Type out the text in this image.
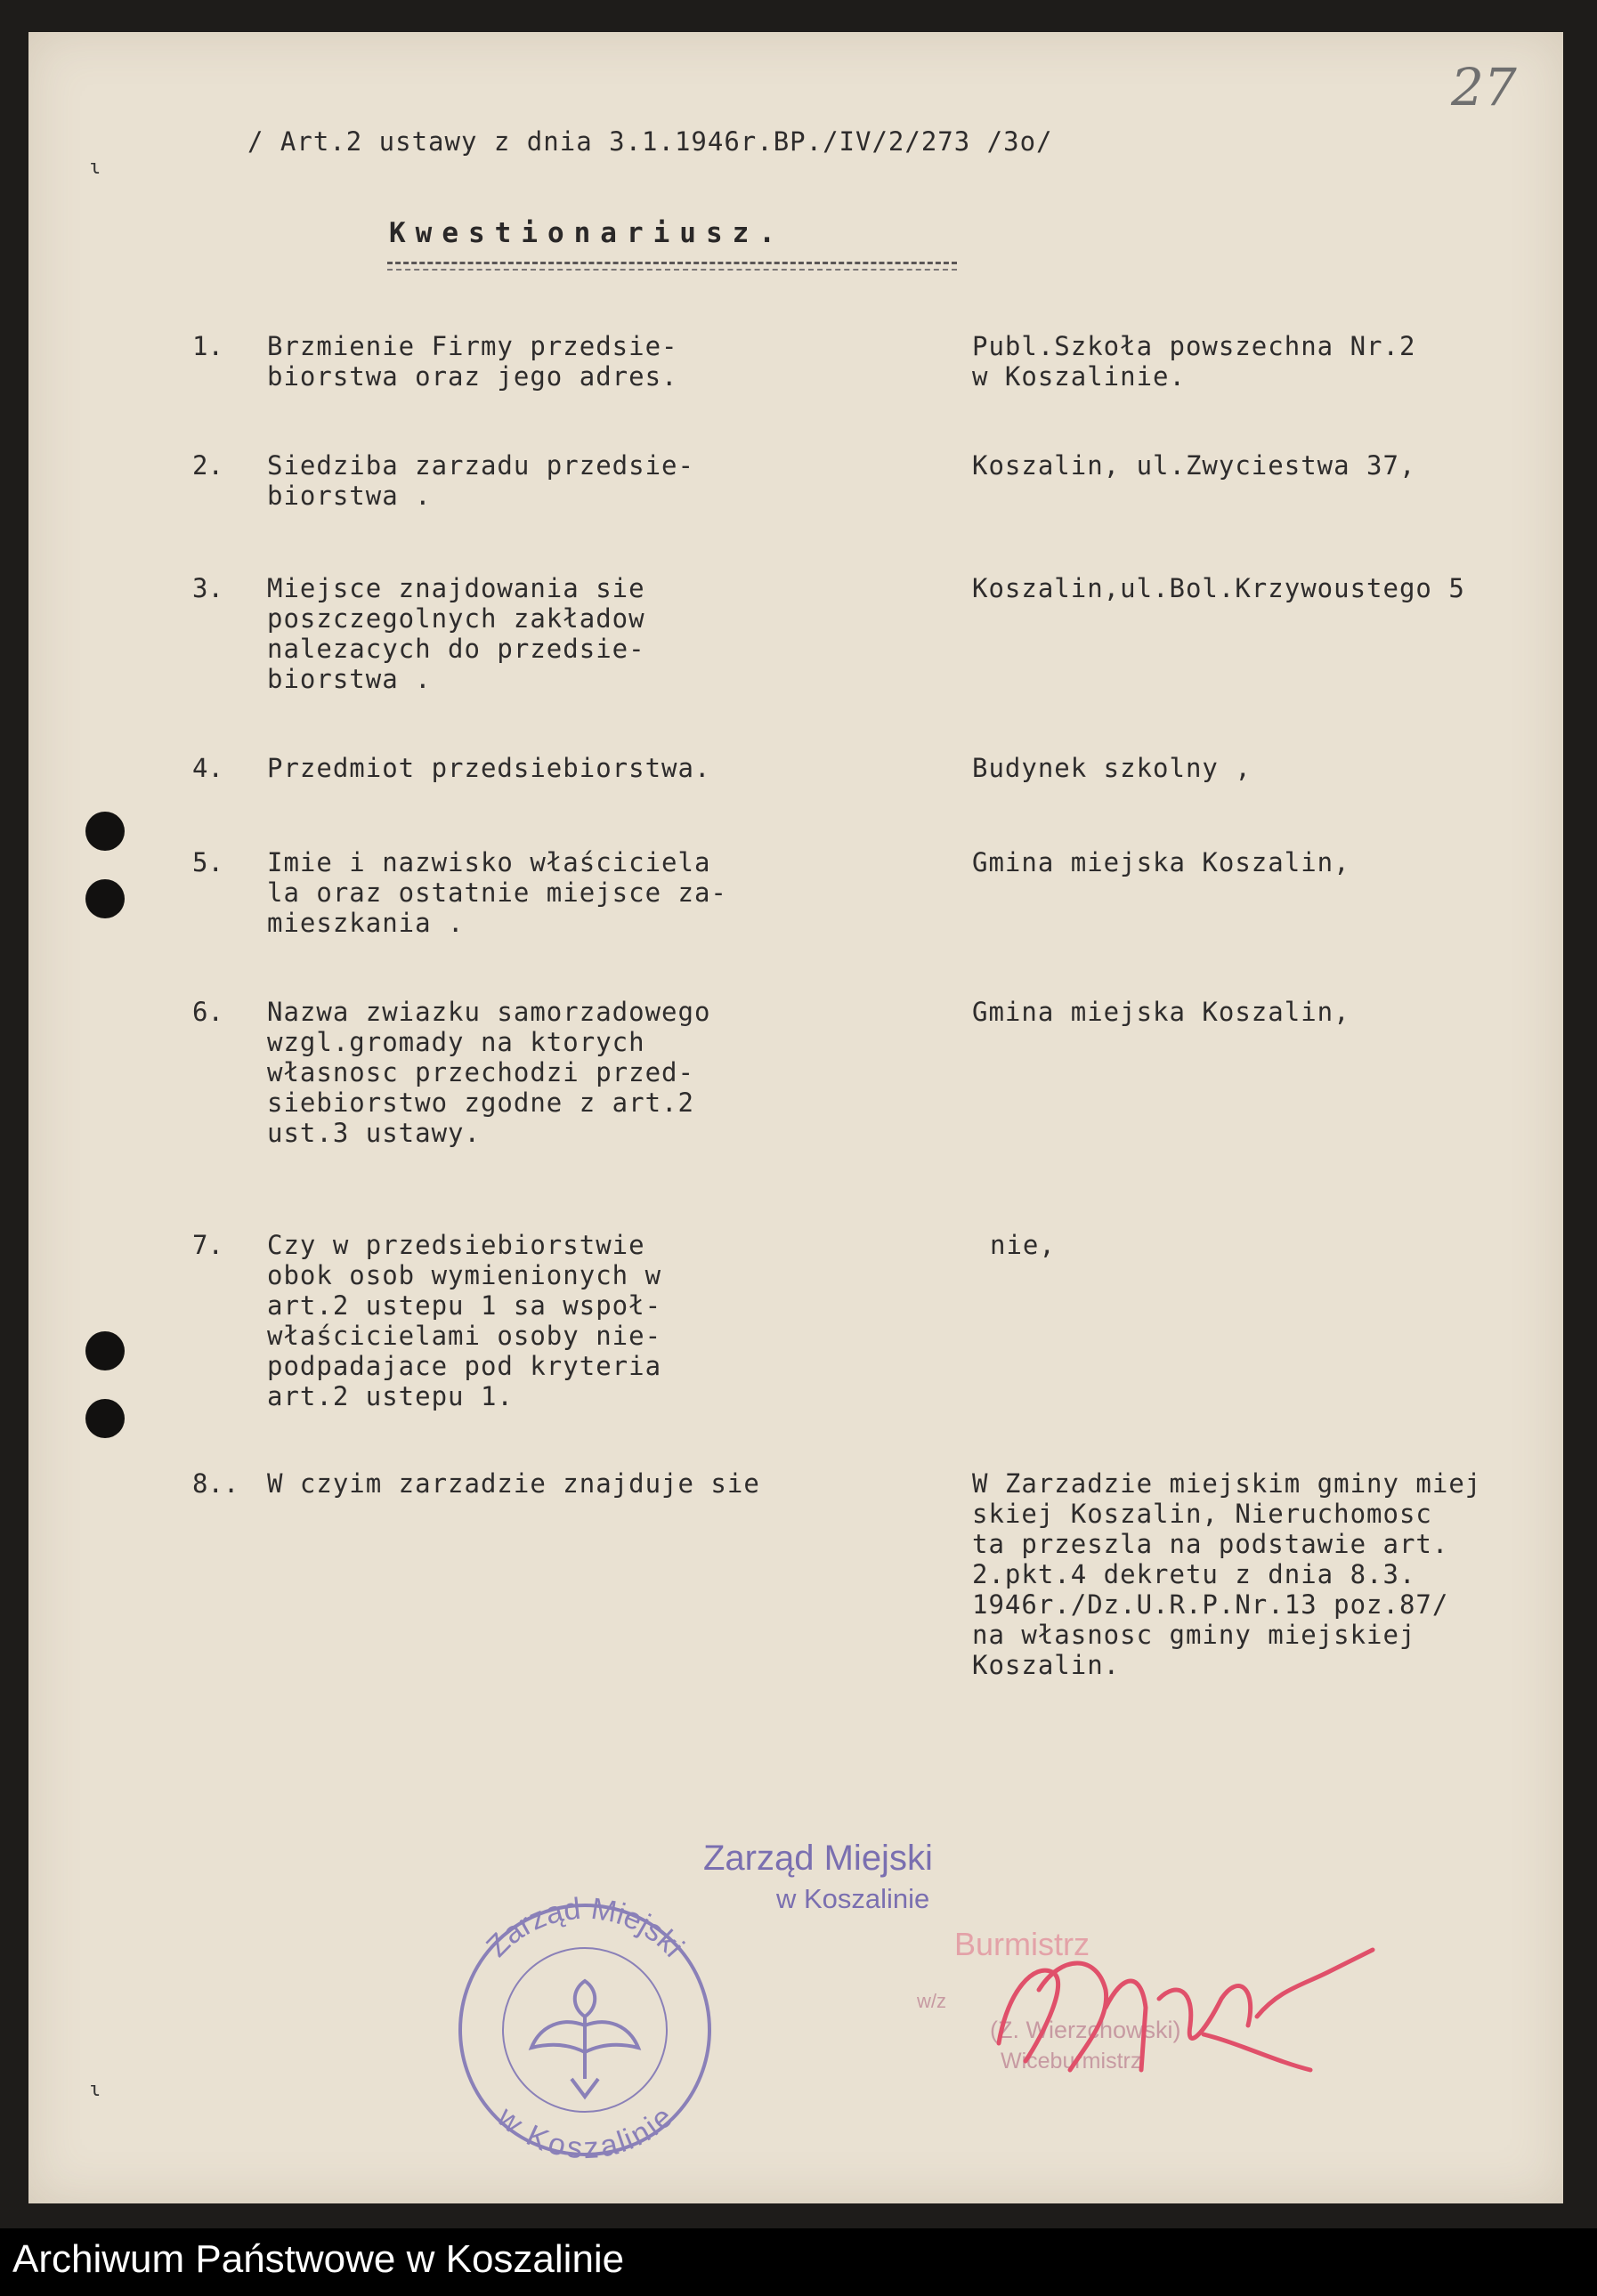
27
ɩ
ɩ
/ Art.2 ustawy z dnia 3.1.1946r.BP./IV/2/273 /3o/
Kwestionariusz.
1. Brzmienie Firmy przedsie-
biorstwa oraz jego adres.
Publ.Szkoła powszechna Nr.2
w Koszalinie.
2. Siedziba zarzadu przedsie-
biorstwa .
Koszalin, ul.Zwyciestwa 37,
3. Miejsce znajdowania sie
poszczegolnych zakładow
nalezacych do przedsie-
biorstwa .
Koszalin,ul.Bol.Krzywoustego 5
4. Przedmiot przedsiebiorstwa.	Budynek szkolny ,
5. Imie i nazwisko właściciela
la oraz ostatnie miejsce za-
mieszkania .
Gmina miejska Koszalin,
6. Nazwa zwiazku samorzadowego
wzgl.gromady na ktorych
własnosc przechodzi przed-
siebiorstwo zgodne z art.2
ust.3 ustawy.
Gmina miejska Koszalin,
7. Czy w przedsiebiorstwie
obok osob wymienionych w
art.2 ustepu 1 sa wspoł-
właścicielami osoby nie-
podpadajace pod kryteria
art.2 ustepu 1.
nie,
8.. W czyim zarzadzie znajduje sie	W Zarzadzie miejskim gminy miej
skiej Koszalin, Nieruchomosc
ta przeszla na podstawie art.
2.pkt.4 dekretu z dnia 8.3.
1946r./Dz.U.R.P.Nr.13 poz.87/
na własnosc gminy miejskiej
Koszalin.
Zarząd Miejski
w Koszalinie
Burmistrz
w/z
(Z. Wierzchowski)
Wiceburmistrz
Zarząd Miejski
w Koszalinie
Archiwum Państwowe w Koszalinie
